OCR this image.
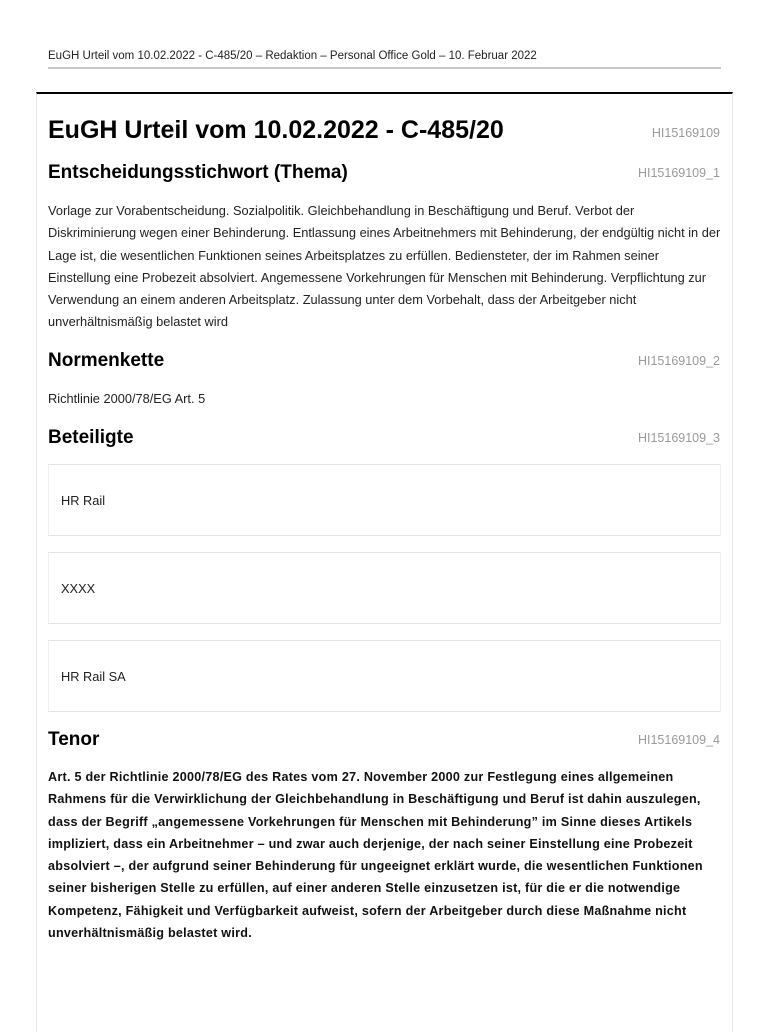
EuGH Urteil vom 10.02.2022 - C-485/20 – Redaktion – Personal Office Gold – 10. Februar 2022
EuGH Urteil vom 10.02.2022 - C-485/20	HI15169109
Entscheidungsstichwort (Thema)	HI15169109_1
Vorlage zur Vorabentscheidung. Sozialpolitik. Gleichbehandlung in Beschäftigung und Beruf. Verbot der Diskriminierung wegen einer Behinderung. Entlassung eines Arbeitnehmers mit Behinderung, der endgültig nicht in der Lage ist, die wesentlichen Funktionen seines Arbeitsplatzes zu erfüllen. Bediensteter, der im Rahmen seiner Einstellung eine Probezeit absolviert. Angemessene Vorkehrungen für Menschen mit Behinderung. Verpflichtung zur Verwendung an einem anderen Arbeitsplatz. Zulassung unter dem Vorbehalt, dass der Arbeitgeber nicht unverhältnismäßig belastet wird
Normenkette	HI15169109_2
Richtlinie 2000/78/EG Art. 5
Beteiligte	HI15169109_3
HR Rail
XXXX
HR Rail SA
Tenor	HI15169109_4
Art. 5 der Richtlinie 2000/78/EG des Rates vom 27. November 2000 zur Festlegung eines allgemeinen Rahmens für die Verwirklichung der Gleichbehandlung in Beschäftigung und Beruf ist dahin auszulegen, dass der Begriff „angemessene Vorkehrungen für Menschen mit Behinderung” im Sinne dieses Artikels impliziert, dass ein Arbeitnehmer – und zwar auch derjenige, der nach seiner Einstellung eine Probezeit absolviert –, der aufgrund seiner Behinderung für ungeeignet erklärt wurde, die wesentlichen Funktionen seiner bisherigen Stelle zu erfüllen, auf einer anderen Stelle einzusetzen ist, für die er die notwendige Kompetenz, Fähigkeit und Verfügbarkeit aufweist, sofern der Arbeitgeber durch diese Maßnahme nicht unverhältnismäßig belastet wird.
